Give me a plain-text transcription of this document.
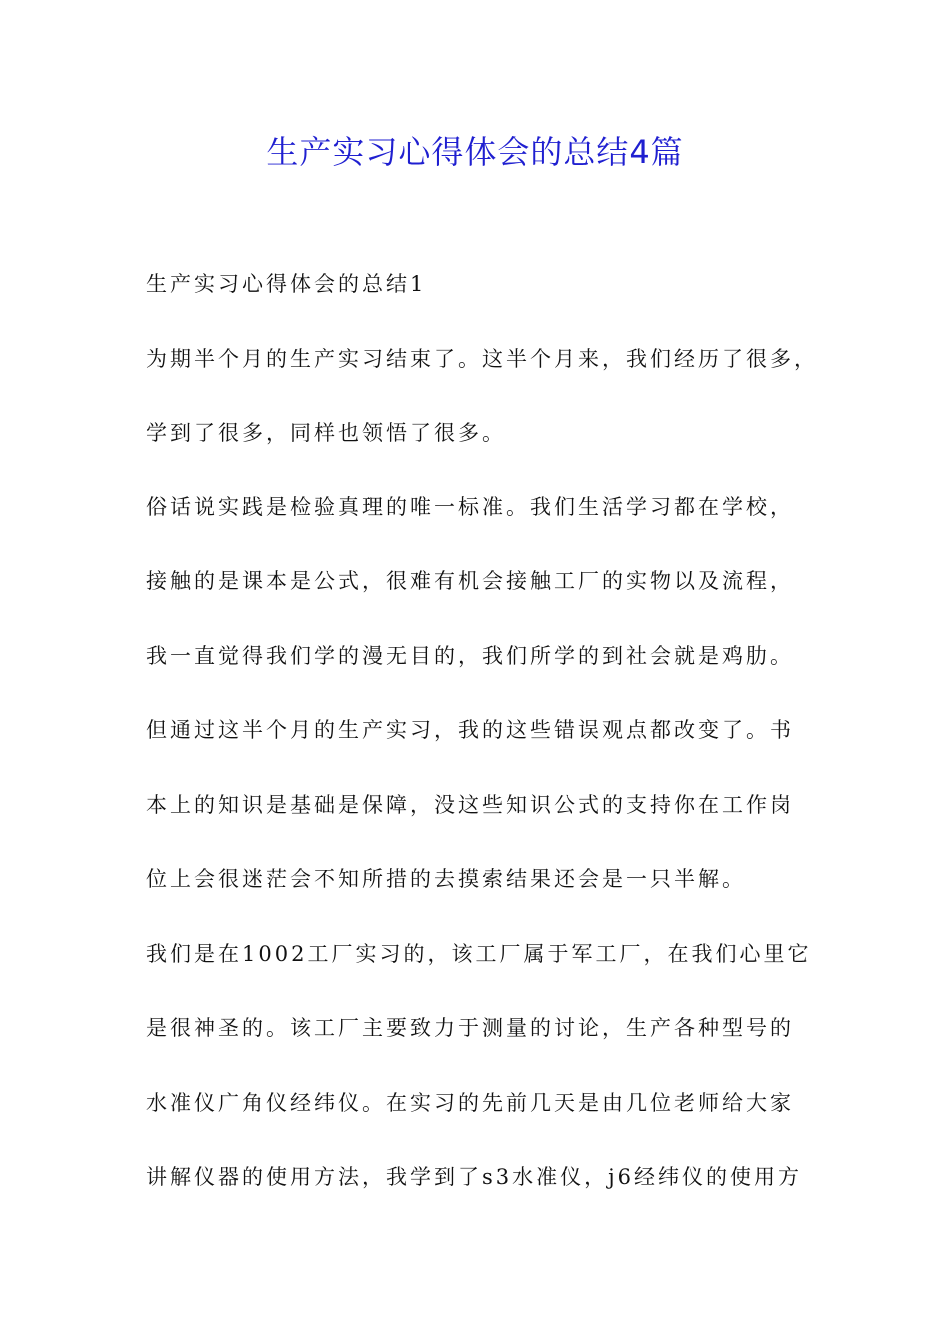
生产实习心得体会的总结4篇
生产实习心得体会的总结1
为期半个月的生产实习结束了。这半个月来，我们经历了很多，
学到了很多，同样也领悟了很多。
俗话说实践是检验真理的唯一标准。我们生活学习都在学校，
接触的是课本是公式，很难有机会接触工厂的实物以及流程，
我一直觉得我们学的漫无目的，我们所学的到社会就是鸡肋。
但通过这半个月的生产实习，我的这些错误观点都改变了。书
本上的知识是基础是保障，没这些知识公式的支持你在工作岗
位上会很迷茫会不知所措的去摸索结果还会是一只半解。
我们是在1002工厂实习的，该工厂属于军工厂，在我们心里它
是很神圣的。该工厂主要致力于测量的讨论，生产各种型号的
水准仪广角仪经纬仪。在实习的先前几天是由几位老师给大家
讲解仪器的使用方法，我学到了s3水准仪，j6经纬仪的使用方
